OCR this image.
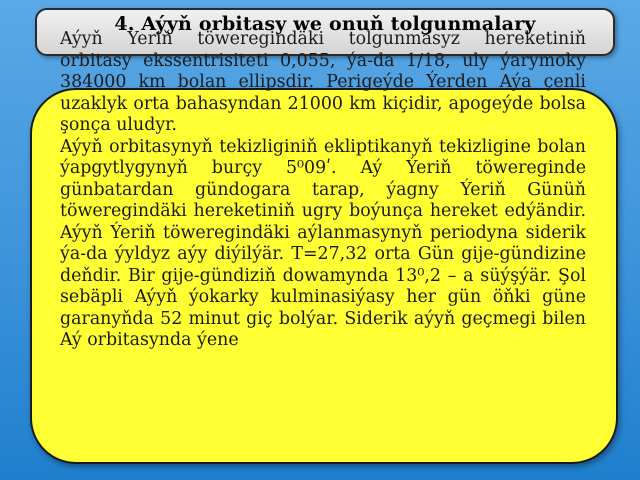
Aýyň Ýeriň töweregindäki tolgunmasyz hereketiniň orbitasy ekssentrisiteti 0,055, ýa-da 1/18, uly ýarymoky 384000 km bolan ellipsdir. Perigeýde Ýerden Aýa çenli uzaklyk orta bahasyndan 21000 km kiçidir, apogeýde bolsa şonça uludyr.

Aýyň orbitasynyň tekizliginiň ekliptikanyň tekizligine bolan ýapgytlygynyň burçy 5⁰09ʹ. Aý Ýeriň töwereginde günbatardan gündogara tarap, ýagny Ýeriň Günüň töweregindäki hereketiniň ugry boýunça hereket edýändir. Aýyň Ýeriň töweregindäki aýlanmasynyň periodyna siderik ýa-da ýyldyz aýy diýilýär. T=27,32 orta Gün gije-gündizine deňdir. Bir gije-gündiziň dowamynda 13⁰,2 – a süýşýär. Şol sebäpli Aýyň ýokarky kulminasiýasy her gün öňki güne garanyňda 52 minut giç bolýar. Siderik aýyň geçmegi bilen Aý orbitasynda ýene

4. Aýyň orbitasy we onuň tolgunmalary
